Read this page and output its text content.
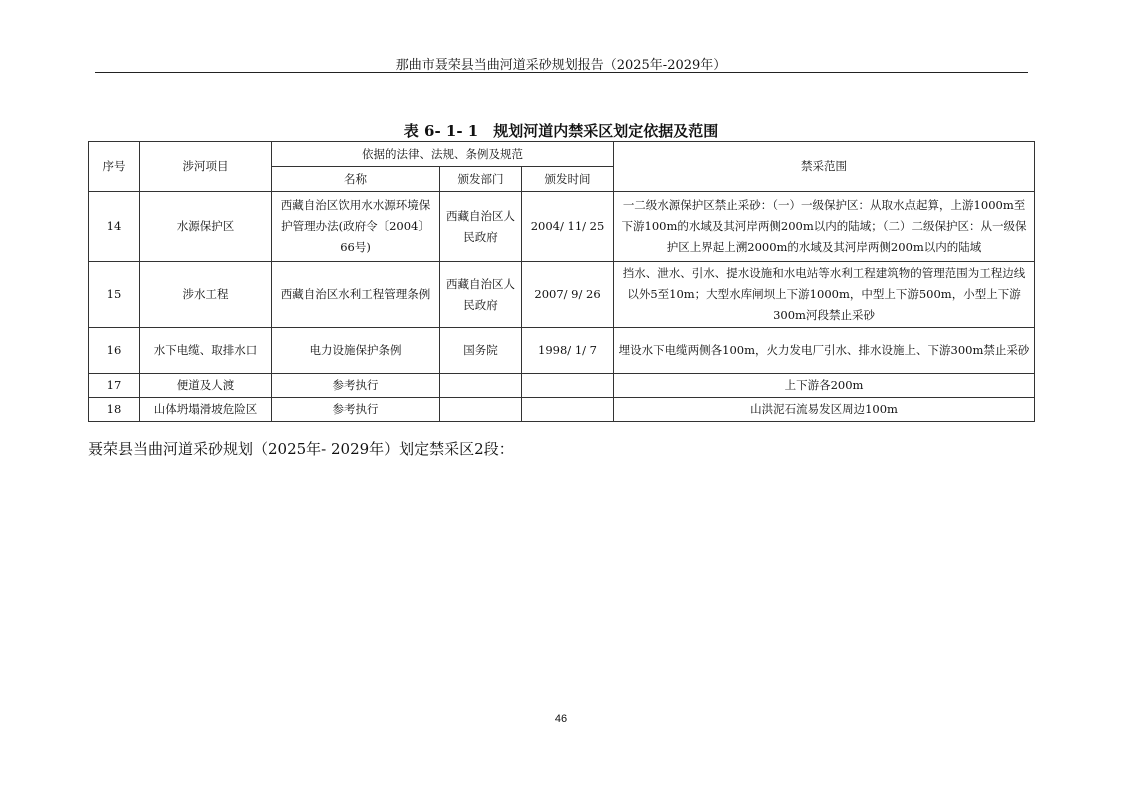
那曲市聂荣县当曲河道采砂规划报告（2025年-2029年）
表 6- 1- 1　规划河道内禁采区划定依据及范围
序号	涉河项目	依据的法律、法规、条例及规范			禁采范围
		名称	颁发部门	颁发时间	
14	水源保护区	西藏自治区饮用水水源环境保护管理办法(政府令〔2004〕66号)	西藏自治区人民政府	2004/ 11/ 25	一二级水源保护区禁止采砂：（一）一级保护区：从取水点起算，上游1000m至下游100m的水域及其河岸两侧200m以内的陆域；（二）二级保护区：从一级保护区上界起上溯2000m的水域及其河岸两侧200m以内的陆域
15	涉水工程	西藏自治区水利工程管理条例	西藏自治区人民政府	2007/ 9/ 26	挡水、泄水、引水、提水设施和水电站等水利工程建筑物的管理范围为工程边线以外5至10m；大型水库闸坝上下游1000m，中型上下游500m，小型上下游300m河段禁止采砂
16	水下电缆、取排水口	电力设施保护条例	国务院	1998/ 1/ 7	埋设水下电缆两侧各100m，火力发电厂引水、排水设施上、下游300m禁止采砂
17	便道及人渡	参考执行			上下游各200m
18	山体坍塌滑坡危险区	参考执行			山洪泥石流易发区周边100m
聂荣县当曲河道采砂规划（2025年- 2029年）划定禁采区2段：
46
